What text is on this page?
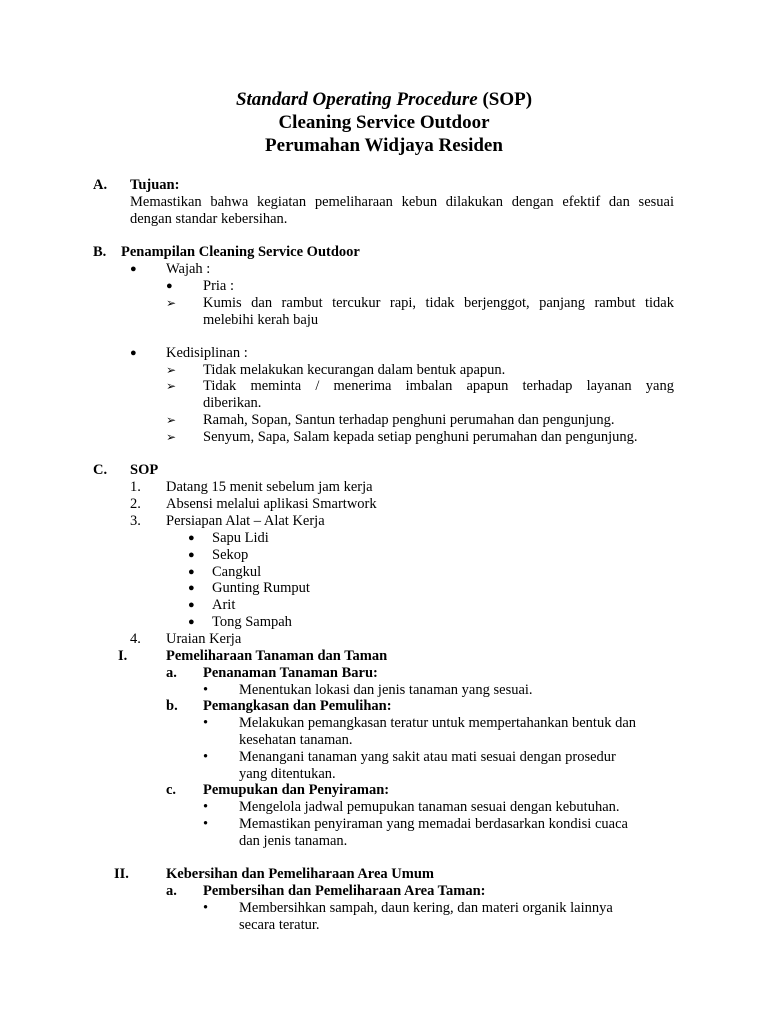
Standard Operating Procedure (SOP)

Cleaning Service Outdoor

Perumahan Widjaya Residen

A. Tujuan:
Memastikan bahwa kegiatan pemeliharaan kebun dilakukan dengan efektif dan sesuai
dengan standar kebersihan.
B. Penampilan Cleaning Service Outdoor
● Wajah :
● Pria :
➢ Kumis dan rambut tercukur rapi, tidak berjenggot, panjang rambut tidak
melebihi kerah baju
● Kedisiplinan :
➢ Tidak melakukan kecurangan dalam bentuk apapun.
➢ Tidak meminta / menerima imbalan apapun terhadap layanan yang
diberikan.
➢ Ramah, Sopan, Santun terhadap penghuni perumahan dan pengunjung.
➢ Senyum, Sapa, Salam kepada setiap penghuni perumahan dan pengunjung.
C. SOP
1. Datang 15 menit sebelum jam kerja
2. Absensi melalui aplikasi Smartwork
3. Persiapan Alat – Alat Kerja
● Sapu Lidi
● Sekop
● Cangkul
● Gunting Rumput
● Arit
● Tong Sampah
4. Uraian Kerja
I.	Pemeliharaan Tanaman dan Taman
a. Penanaman Tanaman Baru:
• Menentukan lokasi dan jenis tanaman yang sesuai.
b. Pemangkasan dan Pemulihan:
• Melakukan pemangkasan teratur untuk mempertahankan bentuk dan
kesehatan tanaman.
• Menangani tanaman yang sakit atau mati sesuai dengan prosedur
yang ditentukan.
c. Pemupukan dan Penyiraman:
• Mengelola jadwal pemupukan tanaman sesuai dengan kebutuhan.
• Memastikan penyiraman yang memadai berdasarkan kondisi cuaca
dan jenis tanaman.
II.	Kebersihan dan Pemeliharaan Area Umum
a. Pembersihan dan Pemeliharaan Area Taman:
• Membersihkan sampah, daun kering, dan materi organik lainnya
secara teratur.
